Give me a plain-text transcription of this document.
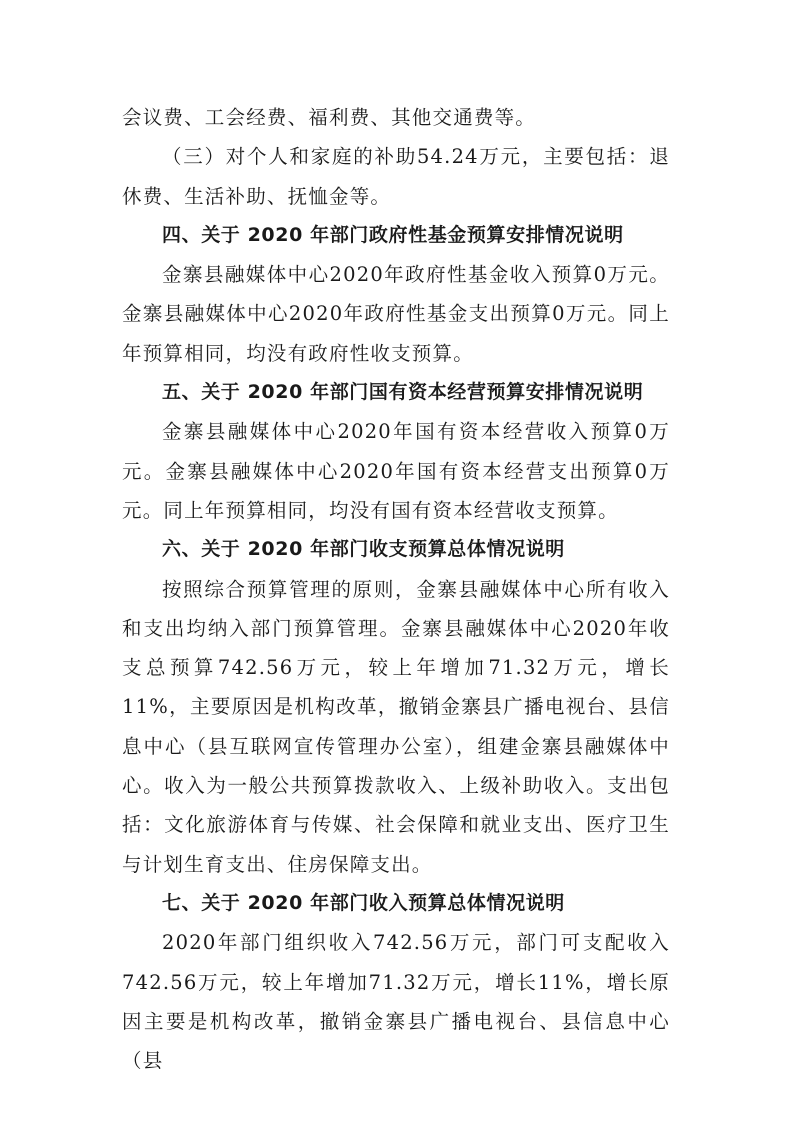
会议费、工会经费、福利费、其他交通费等。

（三）对个人和家庭的补助54.24万元，主要包括：退休费、生活补助、抚恤金等。

四、关于 2020 年部门政府性基金预算安排情况说明

金寨县融媒体中心2020年政府性基金收入预算0万元。金寨县融媒体中心2020年政府性基金支出预算0万元。同上年预算相同，均没有政府性收支预算。

五、关于 2020 年部门国有资本经营预算安排情况说明

金寨县融媒体中心2020年国有资本经营收入预算0万元。金寨县融媒体中心2020年国有资本经营支出预算0万元。同上年预算相同，均没有国有资本经营收支预算。

六、关于 2020 年部门收支预算总体情况说明

按照综合预算管理的原则，金寨县融媒体中心所有收入和支出均纳入部门预算管理。金寨县融媒体中心2020年收支总预算742.56万元，较上年增加71.32万元，增长11%，主要原因是机构改革，撤销金寨县广播电视台、县信息中心（县互联网宣传管理办公室），组建金寨县融媒体中心。收入为一般公共预算拨款收入、上级补助收入。支出包括：文化旅游体育与传媒、社会保障和就业支出、医疗卫生与计划生育支出、住房保障支出。

七、关于 2020 年部门收入预算总体情况说明

2020年部门组织收入742.56万元，部门可支配收入742.56万元，较上年增加71.32万元，增长11%，增长原因主要是机构改革，撤销金寨县广播电视台、县信息中心（县
